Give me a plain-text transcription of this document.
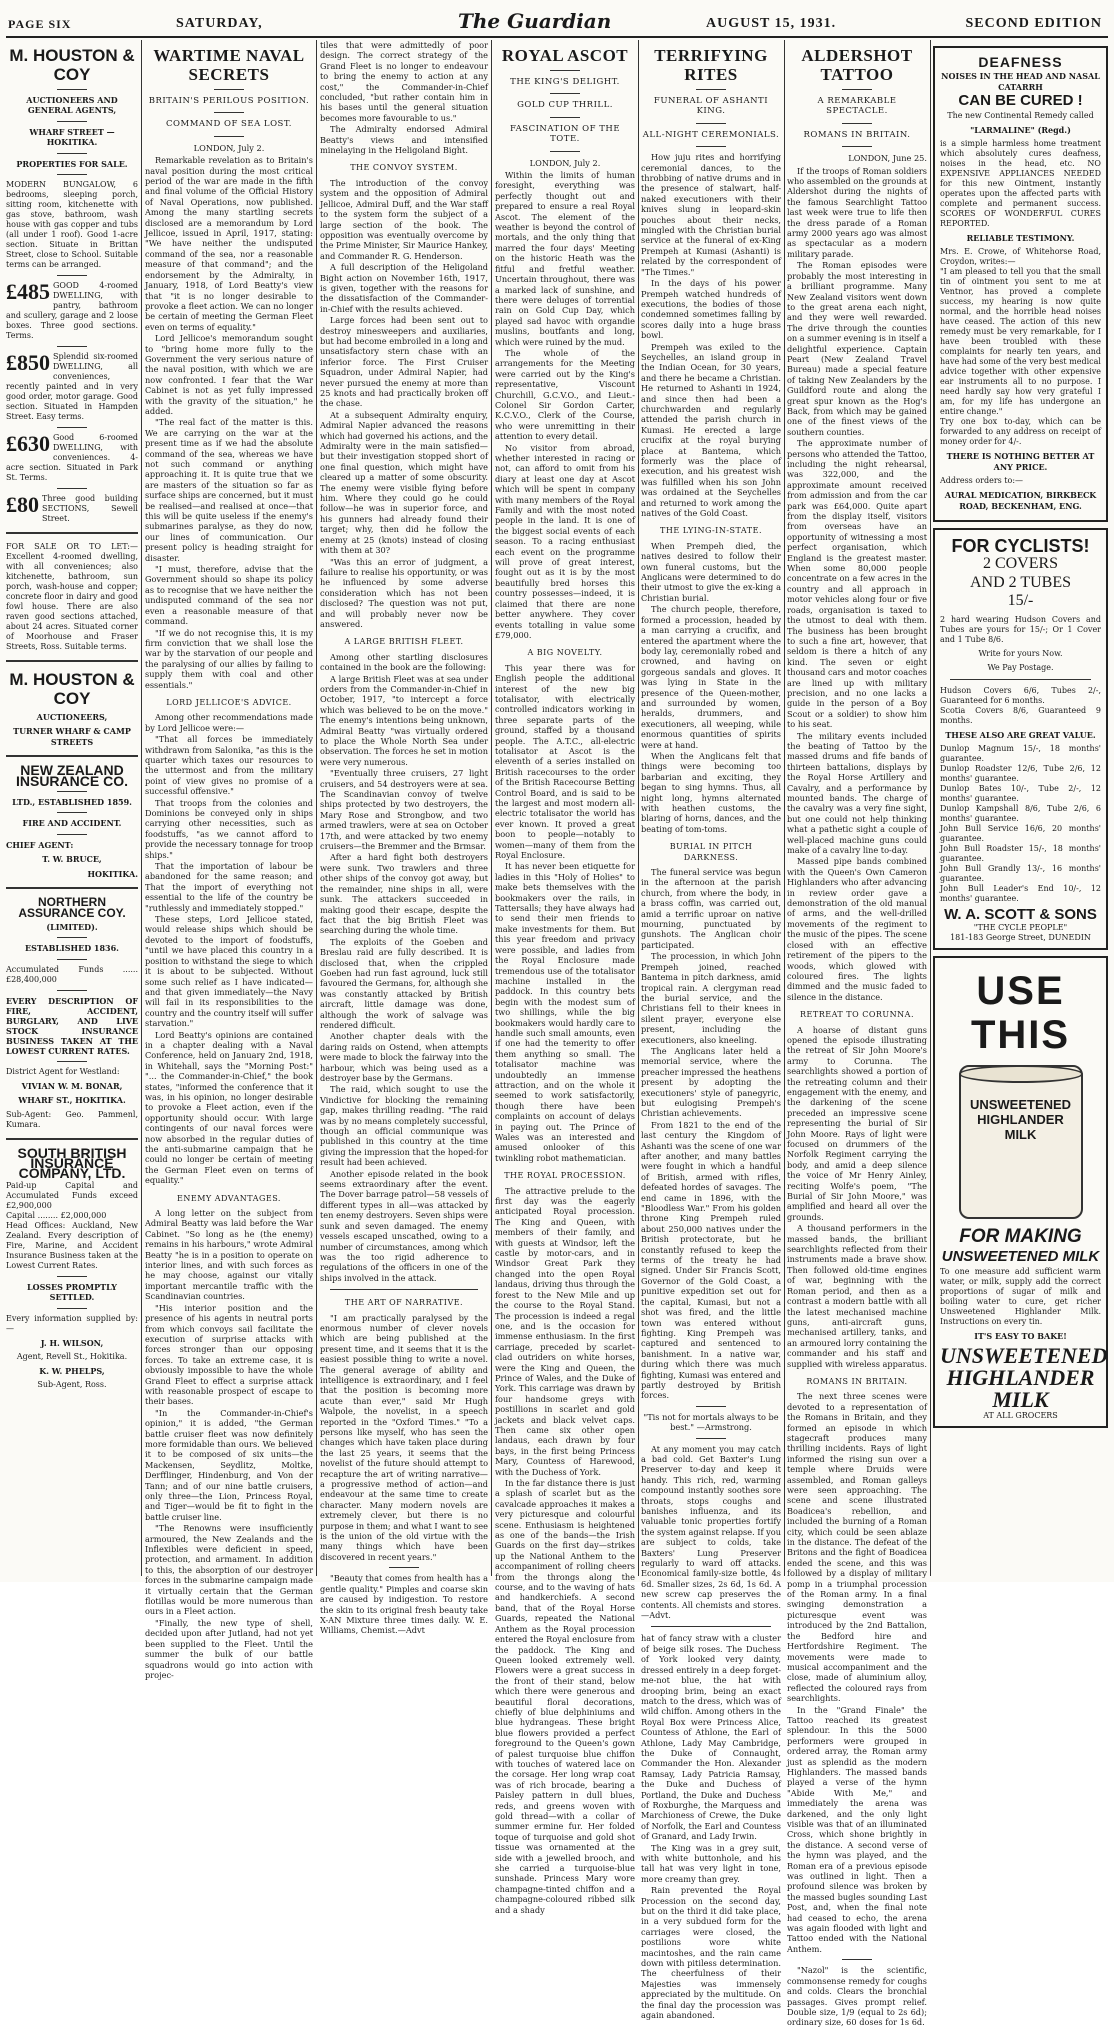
PAGE SIX	SATURDAY,	The Guardian	AUGUST 15, 1931.	SECOND EDITION
M. HOUSTON & COY
AUCTIONEERS AND GENERAL AGENTS,
WHARF STREET — HOKITIKA.
PROPERTIES FOR SALE.
MODERN BUNGALOW, 6 bedrooms, sleeping porch, sitting room, kitchenette with gas stove, bathroom, wash house with gas copper and tubs (all under 1 roof). Good 1-acre section. Situate in Brittan Street, close to School. Suitable terms can be arranged.
£485 GOOD 4-roomed DWELLING, with pantry, bathroom and scullery, garage and 2 loose boxes. Three good sections. Terms.
£850 Splendid six-roomed DWELLING, all conveniences, recently painted and in very good order, motor garage. Good section. Situated in Hampden Street. Easy terms.
£630 Good 6-roomed DWELLING, with conveniences. 4-acre section. Situated in Park St. Terms.
£80 Three good building SECTIONS, Sewell Street.
FOR SALE OR TO LET:— Excellent 4-roomed dwelling, with all conveniences; also kitchenette, bathroom, sun porch, wash-house and copper; concrete floor in dairy and good fowl house. There are also raven good sections attached, about 24 acres. Situated corner of Moorhouse and Fraser Streets, Ross. Suitable terms.
M. HOUSTON & COY
AUCTIONEERS,
TURNER WHARF & CAMP STREETS
NEW ZEALAND INSURANCE CO.
LTD., ESTABLISHED 1859.
FIRE AND ACCIDENT.
CHIEF AGENT:
T. W. BRUCE,
HOKITIKA.
NORTHERN ASSURANCE COY.
(LIMITED).
ESTABLISHED 1836.
Accumulated Funds ...... £28,400,000
EVERY DESCRIPTION OF FIRE, ACCIDENT, BURGLARY, AND LIVE STOCK INSURANCE BUSINESS TAKEN AT THE LOWEST CURRENT RATES.
District Agent for Westland:
VIVIAN W. M. BONAR,
WHARF ST., HOKITIKA.
Sub-Agent: Geo. Pammenl, Kumara.
SOUTH BRITISH INSURANCE COMPANY, LTD.
Paid-up Capital and Accumulated Funds exceed £2,900,000
Capital ........ £2,000,000
Head Offices: Auckland, New Zealand. Every description of Fire, Marine, and Accident Insurance Business taken at the Lowest Current Rates.
LOSSES PROMPTLY SETTLED.
Every information supplied by:—
J. H. WILSON,
Agent, Revell St., Hokitika.
K. W. PHELPS,
Sub-Agent, Ross.
WARTIME NAVAL SECRETS
BRITAIN'S PERILOUS POSITION.
COMMAND OF SEA LOST.
LONDON, July 2.

Remarkable revelation as to Britain's naval position during the most critical period of the war are made in the fifth and final volume of the Official History of Naval Operations, now published. Among the many startling secrets disclosed are a memorandum by Lord Jellicoe, issued in April, 1917, stating: "We have neither the undisputed command of the sea, nor a reasonable measure of that command"; and the endorsement by the Admiralty, in January, 1918, of Lord Beatty's view that "it is no longer desirable to provoke a fleet action. We can no longer be certain of meeting the German Fleet even on terms of equality."

Lord Jellicoe's memorandum sought to "bring home more fully to the Government the very serious nature of the naval position, with which we are now confronted. I fear that the War Cabinet is not as yet fully impressed with the gravity of the situation," he added.

"The real fact of the matter is this. We are carrying on the war at the present time as if we had the absolute command of the sea, whereas we have not such command or anything approaching it. It is quite true that we are masters of the situation so far as surface ships are concerned, but it must be realised—and realised at once—that this will be quite useless if the enemy's submarines paralyse, as they do now, our lines of communication. Our present policy is heading straight for disaster.

"I must, therefore, advise that the Government should so shape its policy as to recognise that we have neither the undisputed command of the sea nor even a reasonable measure of that command.

"If we do not recognise this, it is my firm conviction that we shall lose the war by the starvation of our people and the paralysing of our allies by failing to supply them with coal and other essentials."

LORD JELLICOE'S ADVICE.

Among other recommendations made by Lord Jellicoe were:—

"That all forces be immediately withdrawn from Salonika, "as this is the quarter which taxes our resources to the uttermost and from the military point of view gives no promise of a successful offensive."

That troops from the colonies and Dominions be conveyed only in ships carrying other necessities, such as foodstuffs, "as we cannot afford to provide the necessary tonnage for troop ships."

That the importation of labour be abandoned for the same reason; and That the import of everything not essential to the life of the country be "ruthlessly and immediately stopped."

These steps, Lord Jellicoe stated, would release ships which should be devoted to the import of foodstuffs, "until we have placed this country in a position to withstand the siege to which it is about to be subjected. Without some such relief as I have indicated—and that given immediately—the Navy will fail in its responsibilities to the country and the country itself will suffer starvation."

Lord Beatty's opinions are contained in a chapter dealing with a Naval Conference, held on January 2nd, 1918, in Whitehall, says the "Morning Post:" "... the Commander-in-Chief," the book states, "informed the conference that it was, in his opinion, no longer desirable to provoke a Fleet action, even if the opportunity should occur. With large contingents of our naval forces were now absorbed in the regular duties of the anti-submarine campaign that he could no longer be certain of meeting the German Fleet even on terms of equality."

ENEMY ADVANTAGES.

A long letter on the subject from Admiral Beatty was laid before the War Cabinet. "So long as he (the enemy) remains in his harbours," wrote Admiral Beatty "he is in a position to operate on interior lines, and with such forces as he may choose, against our vitally important mercantile traffic with the Scandinavian countries.

"His interior position and the presence of his agents in neutral ports from which convoys sail facilitate the execution of surprise attacks with forces stronger than our opposing forces. To take an extreme case, it is obviously impossible to have the whole Grand Fleet to effect a surprise attack with reasonable prospect of escape to their bases.

"In the Commander-in-Chief's opinion," it is added, "the German battle cruiser fleet was now definitely more formidable than ours. We believed it to be composed of six units—the Mackensen, Seydlitz, Moltke, Derfflinger, Hindenburg, and Von der Tann; and of our nine battle cruisers, only three—the Lion, Princess Royal, and Tiger—would be fit to fight in the battle cruiser line.

"The Renowns were insufficiently armoured, the New Zealands and the Inflexibles were deficient in speed, protection, and armament. In addition to this, the absorption of our destroyer forces in the submarine campaign made it virtually certain that the German flotillas would be more numerous than ours in a Fleet action.

"Finally, the new type of shell, decided upon after Jutland, had not yet been supplied to the Fleet. Until the summer the bulk of our battle squadrons would go into action with projec-

tiles that were admittedly of poor design. The correct strategy of the Grand Fleet is no longer to endeavour to bring the enemy to action at any cost," the Commander-in-Chief concluded, "but rather contain him in his bases until the general situation becomes more favourable to us."

The Admiralty endorsed Admiral Beatty's views and intensified minelaying in the Heligoland Bight.

THE CONVOY SYSTEM.

The introduction of the convoy system and the opposition of Admiral Jellicoe, Admiral Duff, and the War staff to the system form the subject of a large section of the book. The opposition was eventually overcome by the Prime Minister, Sir Maurice Hankey, and Commander R. G. Henderson.

A full description of the Heligoland Bight action on November 16th, 1917, is given, together with the reasons for the dissatisfaction of the Commander-in-Chief with the results achieved.

Large forces had been sent out to destroy minesweepers and auxiliaries, but had become embroiled in a long and unsatisfactory stern chase with an inferior force. The First Cruiser Squadron, under Admiral Napier, had never pursued the enemy at more than 25 knots and had practically broken off the chase.

At a subsequent Admiralty enquiry, Admiral Napier advanced the reasons which had governed his actions, and the Admiralty were in the main satisfied—but their investigation stopped short of one final question, which might have cleared up a matter of some obscurity. The enemy were visible flying before him. Where they could go he could follow—he was in superior force, and his gunners had already found their target; why, then did he follow the enemy at 25 (knots) instead of closing with them at 30?

"Was this an error of judgment, a failure to realise his opportunity, or was he influenced by some adverse consideration which has not been disclosed? The question was not put, and will probably never now be answered.

A LARGE BRITISH FLEET.

Among other startling disclosures contained in the book are the following:

A large British Fleet was at sea under orders from the Commander-in-Chief in October, 1917, "to intercept a force which was believed to be on the move." The enemy's intentions being unknown, Admiral Beatty "was virtually ordered to place the Whole North Sea under observation. The forces he set in motion were very numerous.

"Eventually three cruisers, 27 light cruisers, and 54 destroyers were at sea. The Scandinavian convoy of twelve ships protected by two destroyers, the Mary Rose and Strongbow, and two armed trawlers, were at sea on October 17th, and were attacked by two enemy cruisers—the Bremmer and the Brmsar.

After a hard fight both destroyers were sunk. Two trawlers and three other ships of the convoy got away, but the remainder, nine ships in all, were sunk. The attackers succeeded in making good their escape, despite the fact that the big British Fleet was searching during the whole time.

The exploits of the Goeben and Breslau raid are fully described. It is disclosed that, when the crippled Goeben had run fast aground, luck still favoured the Germans, for, although she was constantly attacked by British aircraft, little damage was done, although the work of salvage was rendered difficult.

Another chapter deals with the daring raids on Ostend, when attempts were made to block the fairway into the harbour, which was being used as a destroyer base by the Germans.

The raid, which sought to use the Vindictive for blocking the remaining gap, makes thrilling reading. "The raid was by no means completely successful, though an official communique was published in this country at the time giving the impression that the hoped-for result had been achieved.

Another episode related in the book seems extraordinary after the event. The Dover barrage patrol—58 vessels of different types in all—was attacked by ten enemy destroyers. Seven ships were sunk and seven damaged. The enemy vessels escaped unscathed, owing to a number of circumstances, among which was the too rigid adherence to regulations of the officers in one of the ships involved in the attack.

THE ART OF NARRATIVE.

"I am practically paralysed by the enormous number of clever novels which are being published at the present time, and it seems that it is the easiest possible thing to write a novel. The general average of ability and intelligence is extraordinary, and I feel that the position is becoming more acute than ever," said Mr Hugh Walpole, the novelist, in a speech reported in the "Oxford Times." "To a persons like myself, who has seen the changes which have taken place during the last 25 years, it seems that the novelist of the future should attempt to recapture the art of writing narrative—a progressive method of action—and endeavour at the same time to create character. Many modern novels are extremely clever, but there is no purpose in them; and what I want to see is the union of the old virtue with the many things which have been discovered in recent years."

"Beauty that comes from health has a gentle quality." Pimples and coarse skin are caused by indigestion. To restore the skin to its original fresh beauty take X-AN Mixture three times daily. W. E. Williams, Chemist.—Advt

ROYAL ASCOT
THE KING'S DELIGHT.
GOLD CUP THRILL.
FASCINATION OF THE TOTE.
LONDON, July 2.

Within the limits of human foresight, everything was perfectly thought out and prepared to ensure a real Royal Ascot. The element of the weather is beyond the control of mortals, and the only thing that marred the four days' Meeting on the historic Heath was the fitful and fretful weather. Uncertain throughout, there was a marked lack of sunshine, and there were deluges of torrential rain on Gold Cup Day, which played sad havoc with organdie muslins, boutfants and long, which were ruined by the mud.

The whole of the arrangements for the Meeting were carried out by the King's representative, Viscount Churchill, G.C.V.O., and Lieut.-Colonel Sir Gordon Carter, K.C.V.O., Clerk of the Course, who were unremitting in their attention to every detail.

No visitor from abroad, whether interested in racing or not, can afford to omit from his diary at least one day at Ascot which will be spent in company with many members of the Royal Family and with the most noted people in the land. It is one of the biggest social events of each season. To a racing enthusiast each event on the programme will prove of great interest, fought out as it is by the most beautifully bred horses this country possesses—indeed, it is claimed that there are none better anywhere. They cover events totalling in value some £79,000.

A BIG NOVELTY.

This year there was for English people the additional interest of the new big totalisator, with electrically controlled indicators working in three separate parts of the ground, staffed by a thousand people. The A.T.C., all-electric totalisator at Ascot is the eleventh of a series installed on British racecourses to the order of the British Racecourse Betting Control Board, and is said to be the largest and most modern all-electric totalisator the world has ever known. It proved a great boon to people—notably to women—many of them from the Royal Enclosure.

It has never been etiquette for ladies in this "Holy of Holies" to make bets themselves with the bookmakers over the rails, in Tattersalls; they have always had to send their men friends to make investments for them. But this year freedom and privacy were possible, and ladies from the Royal Enclosure made tremendous use of the totalisator machine installed in the paddock. In this country bets begin with the modest sum of two shillings, while the big bookmakers would hardly care to handle such small amounts, even if one had the temerity to offer them anything so small. The totalisator machine was undoubtedly an immense attraction, and on the whole it seemed to work satisfactorily, though there have been complaints on account of delays in paying out. The Prince of Wales was an interested and amused onlooker of this twinkling robot mathematician.

THE ROYAL PROCESSION.

The attractive prelude to the first day was the eagerly anticipated Royal procession. The King and Queen, with members of their family, and with guests at Windsor, left the castle by motor-cars, and in Windsor Great Park they changed into the open Royal landaus, driving thus through the forest to the New Mile and up the course to the Royal Stand. The procession is indeed a regal one, and is the occasion for immense enthusiasm. In the first carriage, preceded by scarlet-clad outriders on white horses, were the King and Queen, the Prince of Wales, and the Duke of York. This carriage was drawn by four handsome greys with postillions in scarlet and gold jackets and black velvet caps. Then came six other open landaus, each drawn by four bays, in the first being Princess Mary, Countess of Harewood, with the Duchess of York.

In the far distance there is just a splash of scarlet but as the cavalcade approaches it makes a very picturesque and colourful scene. Enthusiasm is heightened as one of the bands—the Irish Guards on the first day—strikes up the National Anthem to the accompaniment of rolling cheers from the throngs along the course, and to the waving of hats and handkerchiefs. A second band, that of the Royal Horse Guards, repeated the National Anthem as the Royal procession entered the Royal enclosure from the paddock. The King and Queen looked extremely well. Flowers were a great success in the front of their stand, below which there were generous and beautiful floral decorations, chiefly of blue delphiniums and blue hydrangeas. These bright blue flowers provided a perfect foreground to the Queen's gown of palest turquoise blue chiffon with touches of watered lace on the corsage. Her long wrap coat was of rich brocade, bearing a Paisley pattern in dull blues, reds, and greens woven with gold thread—with a collar of summer ermine fur. Her folded toque of turquoise and gold shot tissue was ornamented at the side with a jewelled brooch, and she carried a turquoise-blue sunshade. Princess Mary wore champagne-tinted chiffon and a champagne-coloured ribbed silk and a shady

TERRIFYING RITES
FUNERAL OF ASHANTI KING.
ALL-NIGHT CEREMONIALS.

How juju rites and horrifying ceremonial dances, to the throbbing of native drums and in the presence of stalwart, half-naked executioners with their knives slung in leopard-skin pouches about their necks, mingled with the Christian burial service at the funeral of ex-King Prempeh at Kumasi (Ashanti) is related by the correspondent of "The Times."

In the days of his power Prempeh watched hundreds of executions, the bodies of those condemned sometimes falling by scores daily into a huge brass bowl.

Prempeh was exiled to the Seychelles, an island group in the Indian Ocean, for 30 years, and there he became a Christian. He returned to Ashanti in 1924, and since then had been a churchwarden and regularly attended the parish church in Kumasi. He erected a large crucifix at the royal burying place at Bantema, which formerly was the place of execution, and his greatest wish was fulfilled when his son John was ordained at the Seychelles and returned to work among the natives of the Gold Coast.

THE LYING-IN-STATE.

When Prempeh died, the natives desired to follow their own funeral customs, but the Anglicans were determined to do their utmost to give the ex-king a Christian burial.

The church people, therefore, formed a procession, headed by a man carrying a crucifix, and entered the apartment where the body lay, ceremonially robed and crowned, and having on gorgeous sandals and gloves. It was lying in State in the presence of the Queen-mother, and surrounded by women, heralds, drummers, and executioners, all weeping, while enormous quantities of spirits were at hand.

When the Anglicans felt that things were becoming too barbarian and exciting, they began to sing hymns. Thus, all night long, hymns alternated with heathen customs, the blaring of horns, dances, and the beating of tom-toms.

BURIAL IN PITCH DARKNESS.

The funeral service was begun in the afternoon at the parish church, from where the body, in a brass coffin, was carried out, amid a terrific uproar on native mourning, punctuated by gunshots. The Anglican choir participated.

The procession, in which John Prempeh joined, reached Bantema in pitch darkness, amid tropical rain. A clergyman read the burial service, and the Christians fell to their knees in silent prayer, everyone else present, including the executioners, also kneeling.

The Anglicans later held a memorial service, where the preacher impressed the heathens present by adopting the executioners' style of panegyric, but eulogising Prempeh's Christian achievements.

From 1821 to the end of the last century the Kingdom of Ashanti was the scene of one war after another, and many battles were fought in which a handful of British, armed with rifles, defeated hordes of savages. The end came in 1896, with the "Bloodless War." From his golden throne King Prempeh ruled about 250,000 natives under the British protectorate, but he constantly refused to keep the terms of the treaty he had signed. Under Sir Francis Scott, Governor of the Gold Coast, a punitive expedition set out for the capital, Kumasi, but not a shot was fired, and the little town was entered without fighting. King Prempeh was captured and sentenced to banishment. In a native war, during which there was much fighting, Kumasi was entered and partly destroyed by British forces.

"Tis not for mortals always to be best." —Armstrong.

At any moment you may catch a bad cold. Get Baxter's Lung Preserver to-day and keep it handy. This rich, red, warming compound instantly soothes sore throats, stops coughs and banishes influenza, and its valuable tonic properties fortify the system against relapse. If you are subject to colds, take Baxters' Lung Preserver regularly to ward off attacks. Economical family-size bottle, 4s 6d. Smaller sizes, 2s 6d, 1s 6d. A new screw cap preserves the contents. All chemists and stores.—Advt.

hat of fancy straw with a cluster of beige silk roses. The Duchess of York looked very dainty, dressed entirely in a deep forget-me-not blue, the hat with drooping brim, being an exact match to the dress, which was of wild chiffon. Among others in the Royal Box were Princess Alice, Countess of Athlone, the Earl of Athlone, Lady May Cambridge, the Duke of Connaught, Commander the Hon. Alexander Ramsay, Lady Patricia Ramsay, the Duke and Duchess of Portland, the Duke and Duchess of Roxburghe, the Marquess and Marchioness of Crewe, the Duke of Norfolk, the Earl and Countess of Granard, and Lady Irwin.

The King was in a grey suit, with white buttonhole, and his tall hat was very light in tone, more creamy than grey.

Rain prevented the Royal Procession on the second day, but on the third it did take place, in a very subdued form for the carriages were closed, the postilions wore white macintoshes, and the rain came down with pitiless determination. The cheerfulness of their Majesties was immensely appreciated by the multitude. On the final day the procession was again abandoned.

ALDERSHOT TATTOO
A REMARKABLE SPECTACLE.
ROMANS IN BRITAIN.
LONDON, June 25.

If the troops of Roman soldiers who assembled on the grounds at Aldershot during the nights of the famous Searchlight Tattoo last week were true to life then the dress parade of a Roman army 2000 years ago was almost as spectacular as a modern military parade.

The Roman episodes were probably the most interesting in a brilliant programme. Many New Zealand visitors went down to the great arena each night, and they were well rewarded. The drive through the counties on a summer evening is in itself a delightful experience. Captain Peart (New Zealand Travel Bureau) made a special feature of taking New Zealanders by the Guildford route and along the great spur known as the Hog's Back, from which may be gained one of the finest views of the southern counties.

The approximate number of persons who attended the Tattoo, including the night rehearsal, was 322,000, and the approximate amount received from admission and from the car park was £64,000. Quite apart from the display itself, visitors from overseas have an opportunity of witnessing a most perfect organisation, which England is the greatest master. When some 80,000 people concentrate on a few acres in the country and all approach in motor vehicles along four or five roads, organisation is taxed to the utmost to deal with them. The business has been brought to such a fine art, however, that seldom is there a hitch of any kind. The seven or eight thousand cars and motor coaches are lined up with military precision, and no one lacks a guide in the person of a Boy Scout or a soldier) to show him to his seat.

The military events included the beating of Tattoo by the massed drums and fife bands of thirteen battalions, displays by the Royal Horse Artillery and Cavalry, and a performance by mounted bands. The charge of the cavalry was a very fine sight, but one could not help thinking what a pathetic sight a couple of well-placed machine guns could make of a cavalry line to-day.

Massed pipe bands combined with the Queen's Own Cameron Highlanders who after advancing in review order gave a demonstration of the old manual of arms, and the well-drilled movements of the regiment to the music of the pipes. The scene closed with an effective retirement of the pipers to the woods, which glowed with coloured fires. The lights dimmed and the music faded to silence in the distance.

RETREAT TO CORUNNA.

A hoarse of distant guns opened the episode illustrating the retreat of Sir John Moore's army to Corunna. The searchlights showed a portion of the retreating column and their engagement with the enemy, and the darkening of the scene preceded an impressive scene representing the burial of Sir John Moore. Rays of light were focused on drummers of the Norfolk Regiment carrying the body, and amid a deep silence the voice of Mr Henry Ainley, reciting Wolfe's poem, "The Burial of Sir John Moore," was amplified and heard all over the grounds.

A thousand performers in the massed bands, the brilliant searchlights reflected from their instruments made a brave show. Then followed old-time engines of war, beginning with the Roman period, and then as a contrast a modern battle with all the latest mechanised machine guns, anti-aircraft guns, mechanised artillery, tanks, and an armoured lorry containing the commander and his staff and supplied with wireless apparatus.

ROMANS IN BRITAIN.

The next three scenes were devoted to a representation of the Romans in Britain, and they formed an episode in which stagecraft produces many thrilling incidents. Rays of light informed the rising sun over a temple where Druids were assembled, and Roman galleys were seen approaching. The scene and scene illustrated Boadicea's rebellion, and included the burning of a Roman city, which could be seen ablaze in the distance. The defeat of the Britons and the fight of Boadicea ended the scene, and this was followed by a display of military pomp in a triumphal procession of the Roman army. In a final swinging demonstration a picturesque event was introduced by the 2nd Battalion, the Bedford hire and Hertfordshire Regiment. The movements were made to musical accompaniment and the close, made of aluminium alloy, reflected the coloured rays from searchlights.

In the "Grand Finale" the Tattoo reached its greatest splendour. In this the 5000 performers were grouped in ordered array, the Roman army just as splendid as the modern Highlanders. The massed bands played a verse of the hymn "Abide With Me," and immediately the arena was darkened, and the only light visible was that of an illuminated Cross, which shone brightly in the distance. A second verse of the hymn was played, and the Roman era of a previous episode was outlined in light. Then a profound silence was broken by the massed bugles sounding Last Post, and, when the final note had ceased to echo, the arena was again flooded with light and Tattoo ended with the National Anthem.

"Nazol" is the scientific, commonsense remedy for coughs and colds. Clears the bronchial passages. Gives prompt relief. Double size, 1/9 (equal to 2s 6d); ordinary size, 60 doses for 1s 6d.

DEAFNESS
NOISES IN THE HEAD AND NASAL CATARRH
CAN BE CURED !
The new Continental Remedy called
"LARMALINE" (Regd.)
is a simple harmless home treatment which absolutely cures deafness, noises in the head, etc. NO EXPENSIVE APPLIANCES NEEDED for this new Ointment, instantly operates upon the affected parts with complete and permanent success. SCORES OF WONDERFUL CURES REPORTED.
RELIABLE TESTIMONY.
Mrs. E. Crowe, of Whitehorse Road, Croydon, writes:—
"I am pleased to tell you that the small tin of ointment you sent to me at Ventnor, has proved a complete success, my hearing is now quite normal, and the horrible head noises have ceased. The action of this new remedy must be very remarkable, for I have been troubled with these complaints for nearly ten years, and have had some of the very best medical advice together with other expensive ear instruments all to no purpose. I need hardly say how very grateful I am, for my life has undergone an entire change."
Try one box to-day, which can be forwarded to any address on receipt of money order for 4/-.
THERE IS NOTHING BETTER AT ANY PRICE.
Address orders to:—
AURAL MEDICATION, BIRKBECK ROAD, BECKENHAM, ENG.
FOR CYCLISTS!
2 COVERS
AND 2 TUBES
15/-
2 hard wearing Hudson Covers and Tubes are yours for 15/-; Or 1 Cover and 1 Tube 8/6.
Write for yours Now.
We Pay Postage.
Hudson Covers 6/6, Tubes 2/-, Guaranteed for 6 months.
Scotia Covers 8/6, Guaranteed 9 months.
THESE ALSO ARE GREAT VALUE.
Dunlop Magnum 15/-, 18 months' guarantee.
Dunlop Roadster 12/6, Tube 2/6, 12 months' guarantee.
Dunlop Bates 10/-, Tube 2/-, 12 months' guarantee.
Dunlop Kampshall 8/6, Tube 2/6, 6 months' guarantee.
John Bull Service 16/6, 20 months' guarantee.
John Bull Roadster 15/-, 18 months' guarantee.
John Bull Grandly 13/-, 16 months' guarantee.
John Bull Leader's End 10/-, 12 months' guarantee.
W. A. SCOTT & SONS
"THE CYCLE PEOPLE"
181-183 George Street, DUNEDIN
USE THIS
UNSWEETENED HIGHLANDER MILK
FOR MAKING
UNSWEETENED MILK
To one measure add sufficient warm water, or milk, supply add the correct proportions of sugar of milk and boiling water to cure, get richer Unsweetened Highlander Milk. Instructions on every tin.
IT'S EASY TO BAKE!
UNSWEETENED
HIGHLANDER
MILK
AT ALL GROCERS
